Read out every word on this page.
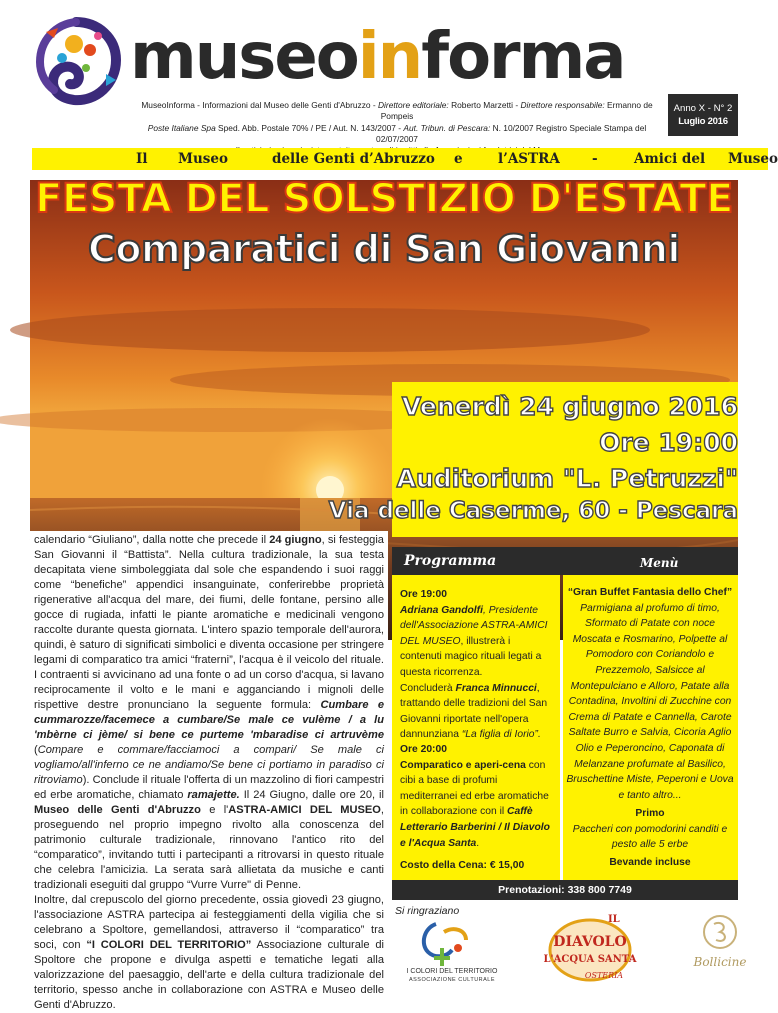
museoinforma
MuseoInforma - Informazioni dal Museo delle Genti d'Abruzzo - Direttore editoriale: Roberto Marzetti - Direttore responsabile: Ermanno de Pompeis
Poste Italiane Spa Sped. Abb. Postale 70% / PE / Aut. N. 143/2007 - Aut. Tribun. di Pescara: N. 10/2007 Registro Speciale Stampa del 02/07/2007
Anno X - N° 2
Luglio 2016
Il Museo	delle Genti d’Abruzzo e	l’ASTRA -	Amici del Museo
FESTA DEL SOLSTIZIO D'ESTATE
Comparatici di San Giovanni
Venerdì 24 giugno 2016
Ore 19:00
Auditorium "L. Petruzzi"
Via delle Caserme, 60 - Pescara
calendario “Giuliano”, dalla notte che precede il 24 giugno, si festeggia San Giovanni il “Battista”. Nella cultura tradizionale, la sua testa decapitata viene simboleggiata dal sole che espandendo i suoi raggi come “benefiche” appendici insanguinate, conferirebbe proprietà rigenerative all'acqua del mare, dei fiumi, delle fontane, persino alle gocce di rugiada, infatti le piante aromatiche e medicinali vengono raccolte durante questa giornata. L'intero spazio temporale dell'aurora, quindi, è saturo di significati simbolici e diventa occasione per stringere legami di comparatico tra amici “fraterni”, l'acqua è il veicolo del rituale. I contraenti si avvicinano ad una fonte o ad un corso d'acqua, si lavano reciprocamente il volto e le mani e agganciando i mignoli delle rispettive destre pronunciano la seguente formula: Cumbare e cummarozze/facemece a cumbare/Se male ce vulème / a lu 'mbèrne ci jème/ si bene ce purteme 'mbaradise ci artruvème (Compare e commare/facciamoci a compari/ Se male ci vogliamo/all'inferno ce ne andiamo/Se bene ci portiamo in paradiso ci ritroviamo). Conclude il rituale l'offerta di un mazzolino di fiori campestri ed erbe aromatiche, chiamato ramajette. Il 24 Giugno, dalle ore 20, il Museo delle Genti d'Abruzzo e l'ASTRA-AMICI DEL MUSEO, proseguendo nel proprio impegno rivolto alla conoscenza del patrimonio culturale tradizionale, rinnovano l'antico rito del “comparatico”, invitando tutti i partecipanti a ritrovarsi in questo rituale che celebra l'amicizia. La serata sarà allietata da musiche e canti tradizionali eseguiti dal gruppo “Vurre Vurre" di Penne.
Inoltre, dal crepuscolo del giorno precedente, ossia giovedì 23 giugno, l'associazione ASTRA partecipa ai festeggiamenti della vigilia che si celebrano a Spoltore, gemellandosi, attraverso il “comparatico” tra soci, con “I COLORI DEL TERRITORIO” Associazione culturale di Spoltore che propone e divulga aspetti e tematiche legati alla valorizzazione del paesaggio, dell'arte e della cultura tradizionale del territorio, spesso anche in collaborazione con ASTRA e Museo delle Genti d'Abruzzo.
Programma	Menù
Ore 19:00
Adriana Gandolfi, Presidente dell'Associazione ASTRA-AMICI DEL MUSEO, illustrerà i contenuti magico rituali legati a questa ricorrenza.
Concluderà Franca Minnucci, trattando delle tradizioni del San Giovanni riportate nell'opera dannunziana “La figlia di Iorio”.
Ore 20:00
Comparatico e aperi-cena con cibi a base di profumi mediterranei ed erbe aromatiche in collaborazione con il Caffè Letterario Barberini / Il Diavolo e l'Acqua Santa.
Costo della Cena: € 15,00
“Gran Buffet Fantasia dello Chef”
Parmigiana al profumo di timo, Sformato di Patate con noce Moscata e Rosmarino, Polpette al Pomodoro con Coriandolo e Prezzemolo, Salsicce al Montepulciano e Alloro, Patate alla Contadina, Involtini di Zucchine con Crema di Patate e Cannella, Carote Saltate Burro e Salvia, Cicoria Aglio Olio e Peperoncino, Caponata di Melanzane profumate al Basilico, Bruschettine Miste, Peperoni e Uova e tanto altro...
Primo
Paccheri con pomodorini canditi e pesto alle 5 erbe
Bevande incluse
Prenotazioni: 338 800 7749
Si ringraziano
I COLORI DEL TERRITORIO
ASSOCIAZIONE CULTURALE
IL
DIAVOLO
L'ACQUA SANTA
OSTERIA
Bollicine
